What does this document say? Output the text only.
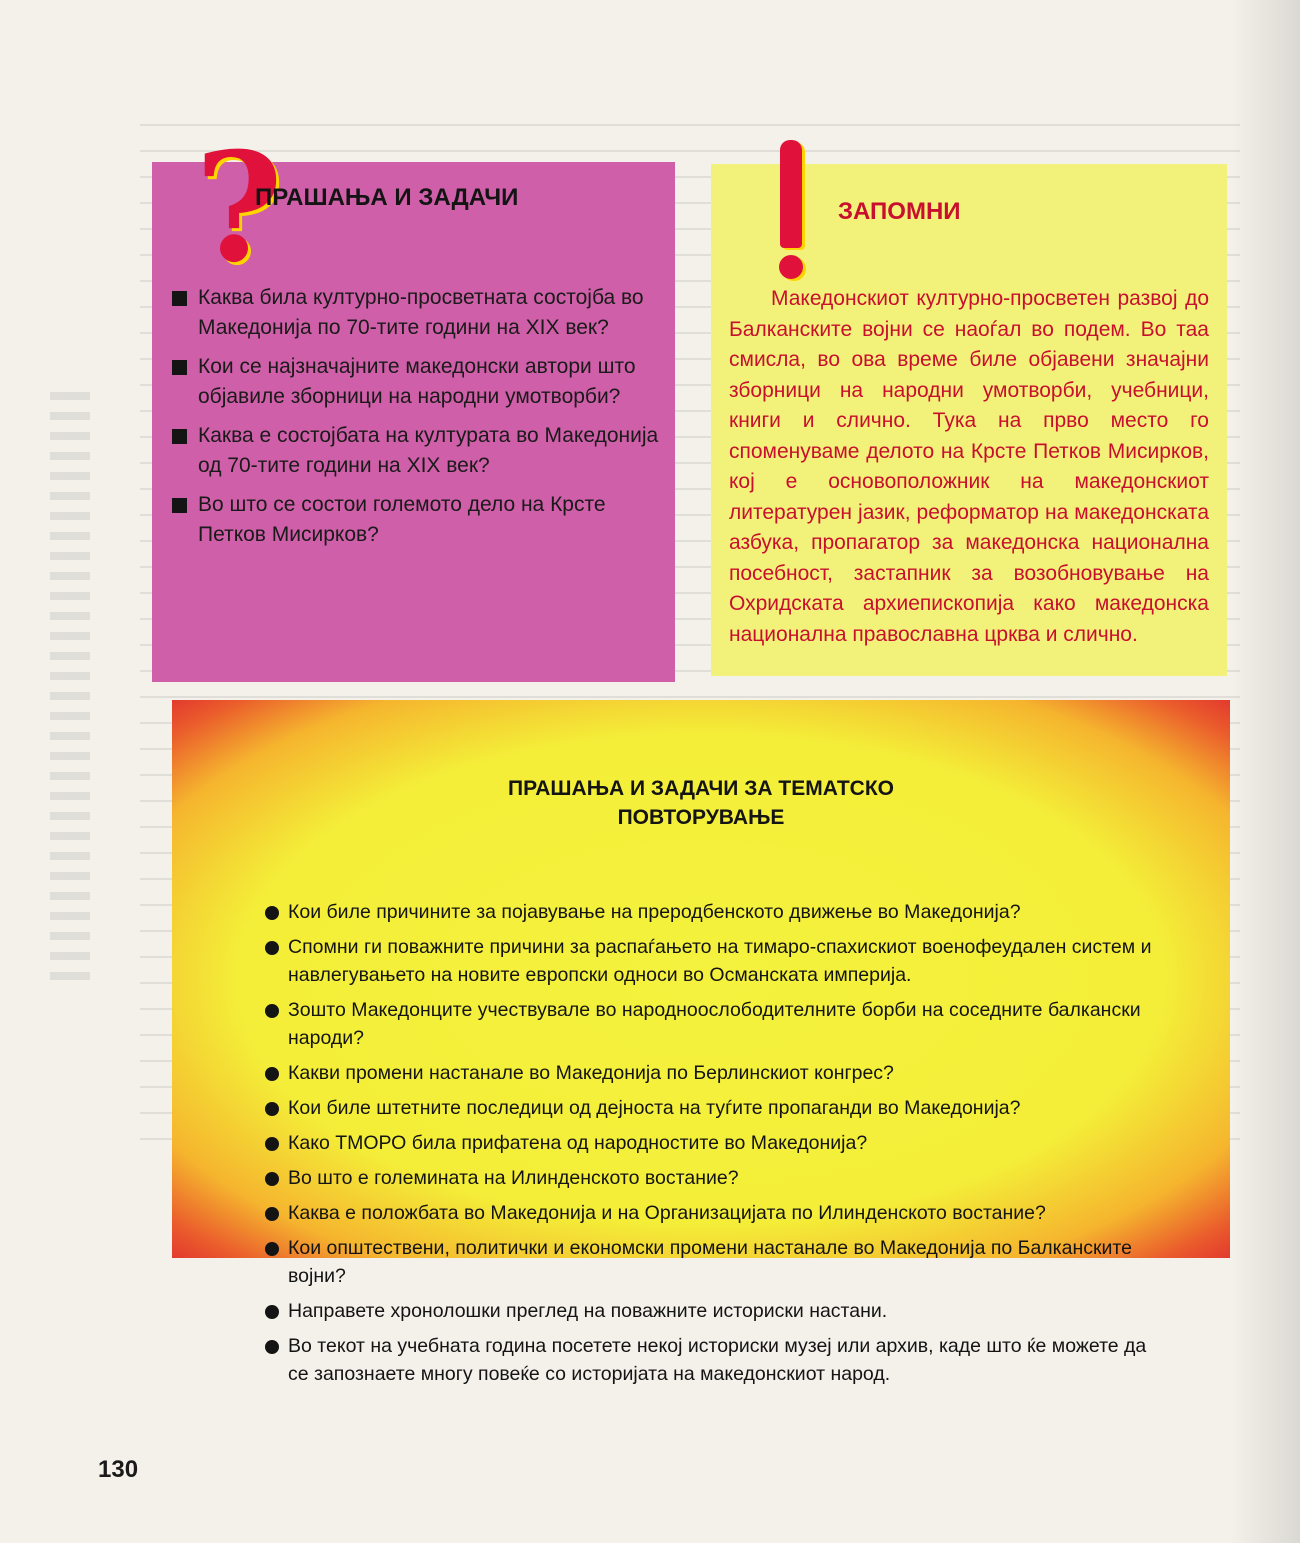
?
ПРАШАЊА И ЗАДАЧИ
Каква била културно-просветната состојба во Македонија по 70-тите години на XIX век?
Кои се најзначајните македонски автори што објавиле зборници на народни умотворби?
Каква е состојбата на културата во Македонија од 70-тите години на XIX век?
Во што се состои големото дело на Крсте Петков Мисирков?
ЗАПОМНИ

Македонскиот културно-просветен развој до Балканските војни се наоѓал во подем. Во таа смисла, во ова време биле објавени значајни зборници на народни умотворби, учебници, книги и слично. Тука на прво место го споменуваме делото на Крсте Петков Мисирков, кој е основоположник на македонскиот литературен јазик, реформатор на македонската азбука, пропагатор за македонска национална посебност, застапник за возобновување на Охридската архиепископија како македонска национална православна црква и слично.

ПРАШАЊА И ЗАДАЧИ ЗА ТЕМАТСКО
ПОВТОРУВАЊЕ
Кои биле причините за појавување на преродбенското движење во Македонија?
Спомни ги поважните причини за распаѓањето на тимаро-спахискиот военофеудален систем и навлегувањето на новите европски односи во Османската империја.
Зошто Македонците учествувале во народноослободителните борби на соседните балкански народи?
Какви промени настанале во Македонија по Берлинскиот конгрес?
Кои биле штетните последици од дејноста на туѓите пропаганди во Македонија?
Како ТМОРО била прифатена од народностите во Македонија?
Во што е големината на Илинденското востание?
Каква е положбата во Македонија и на Организацијата по Илинденското востание?
Кои општествени, политички и економски промени настанале во Македонија по Балканските војни?
Направете хронолошки преглед на поважните историски настани.
Во текот на учебната година посетете некој историски музеј или архив, каде што ќе можете да се запознаете многу повеќе со историјата на македонскиот народ.
130
